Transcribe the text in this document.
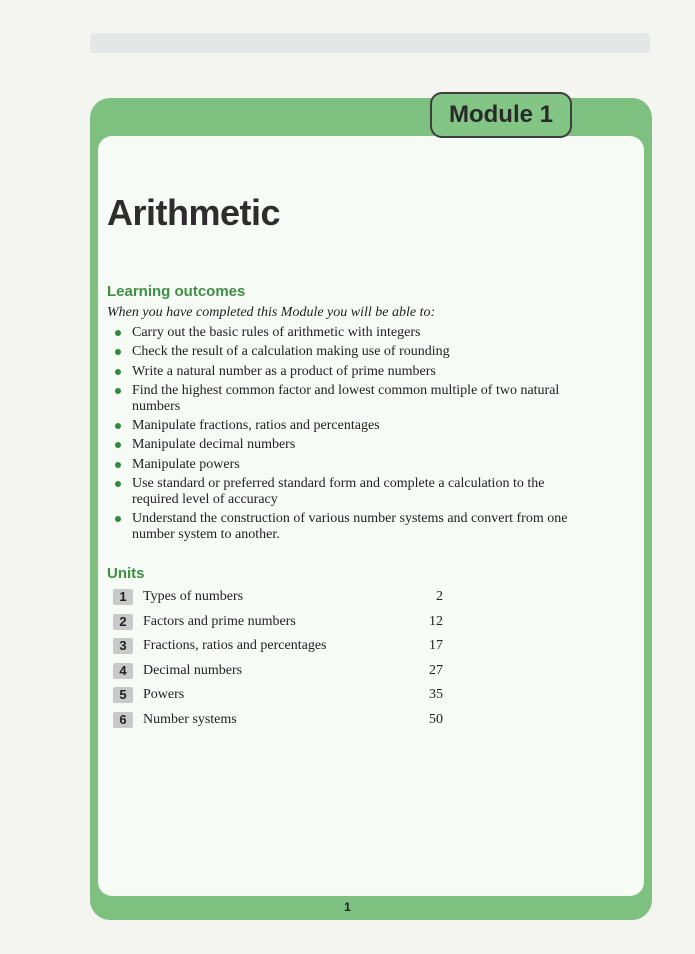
Module 1
Arithmetic
Learning outcomes

When you have completed this Module you will be able to:

Carry out the basic rules of arithmetic with integers
Check the result of a calculation making use of rounding
Write a natural number as a product of prime numbers
Find the highest common factor and lowest common multiple of two natural numbers
Manipulate fractions, ratios and percentages
Manipulate decimal numbers
Manipulate powers
Use standard or preferred standard form and complete a calculation to the required level of accuracy
Understand the construction of various number systems and convert from one number system to another.
Units
1	Types of numbers	2
2	Factors and prime numbers	12
3	Fractions, ratios and percentages	17
4	Decimal numbers	27
5	Powers	35
6	Number systems	50
1
